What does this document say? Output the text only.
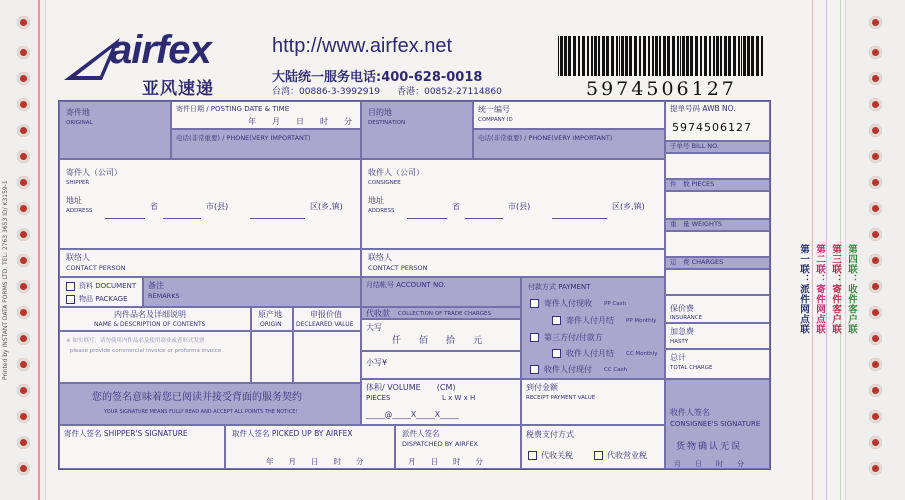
Printed by INSTANT DATA FORMS LTD. TEL: 2763 3653 ID/ K3159-1	第一联：派件网点联 第二联：寄件网点联 第三联：寄件客户联 第四联：收件客户联
airfex
亚风速递
http://www.airfex.net
大陆统一服务电话:400-628-0018
台湾：00886-3-3992919 香港：00852-27114860	5974506127
寄件地
ORIGINAL
寄件日期 / POSTING DATE & TIME
年　　月　　日　　时　　分
电话(非常重要) / PHONE(VERY IMPORTANT)
目的地
DESTINATION
统一编号
COMPANY ID
电话(非常重要) / PHONE(VERY IMPORTANT)
提单号码 AWB NO.
5974506127
子单号 BILL NO.
件　数 PIECES
重　量 WEIGHTS
运　费 CHARGES
保价费
INSURANCE
加急费
HASTY
总计
TOTAL CHARGE
收件人签名
CONSIGNEE'S SIGNATURE
货物确认无误
月　　日　　时　　分
寄件人（公司）
SHIPPER
地址
ADDRESS	省	市(县)	区(乡,镇)
收件人（公司）
CONSIGNEE
地址
ADDRESS	省	市(县)	区(乡,镇)
联络人
CONTACT PERSON
联络人
CONTACT PERSON
资料 DOCUMENT
物品 PACKAGE
备注
REMARKS
月结帐号 ACCOUNT NO.	付款方式 PAYMENT
寄件人付现收 PP Cash
寄件人付月结 PP Monthly
第三方付/付款方
收件人付月结 CC Monthly
收件人付现付 CC Cash
内件品名及详细说明
NAME & DESCRIPTION OF CONTENTS
原产地
ORIGIN
申报价值
DECLEARED VALUE
※ 如实填写，请勿使用内件品名及使用商业或者形式发票
please provide commercial invoice or proforma invoice
代收款 COLLECTION OF TRADE CHARGES
大写
仟　　佰　　拾　　元
小写¥
您的签名意味着您已阅读并接受背面的服务契约
YOUR SIGNATURE MEANS FULLY READ AND ACCEPT ALL POINTS THE NOTICE!
体积/ VOLUME　　(CM)
PIECES	L x W x H
_____@_____X_____X_____
到付金额
RECEIPT PAYMENT VALUE
寄件人签名 SHIPPER'S SIGNATURE	取件人签名 PICKED UP BY AIRFEX
年　　月　　日　　时　　分
派件人签名
DISPATCHED BY AIRFEX
月　　日　　时　　分
税费支付方式
代收关税	代收营业税
